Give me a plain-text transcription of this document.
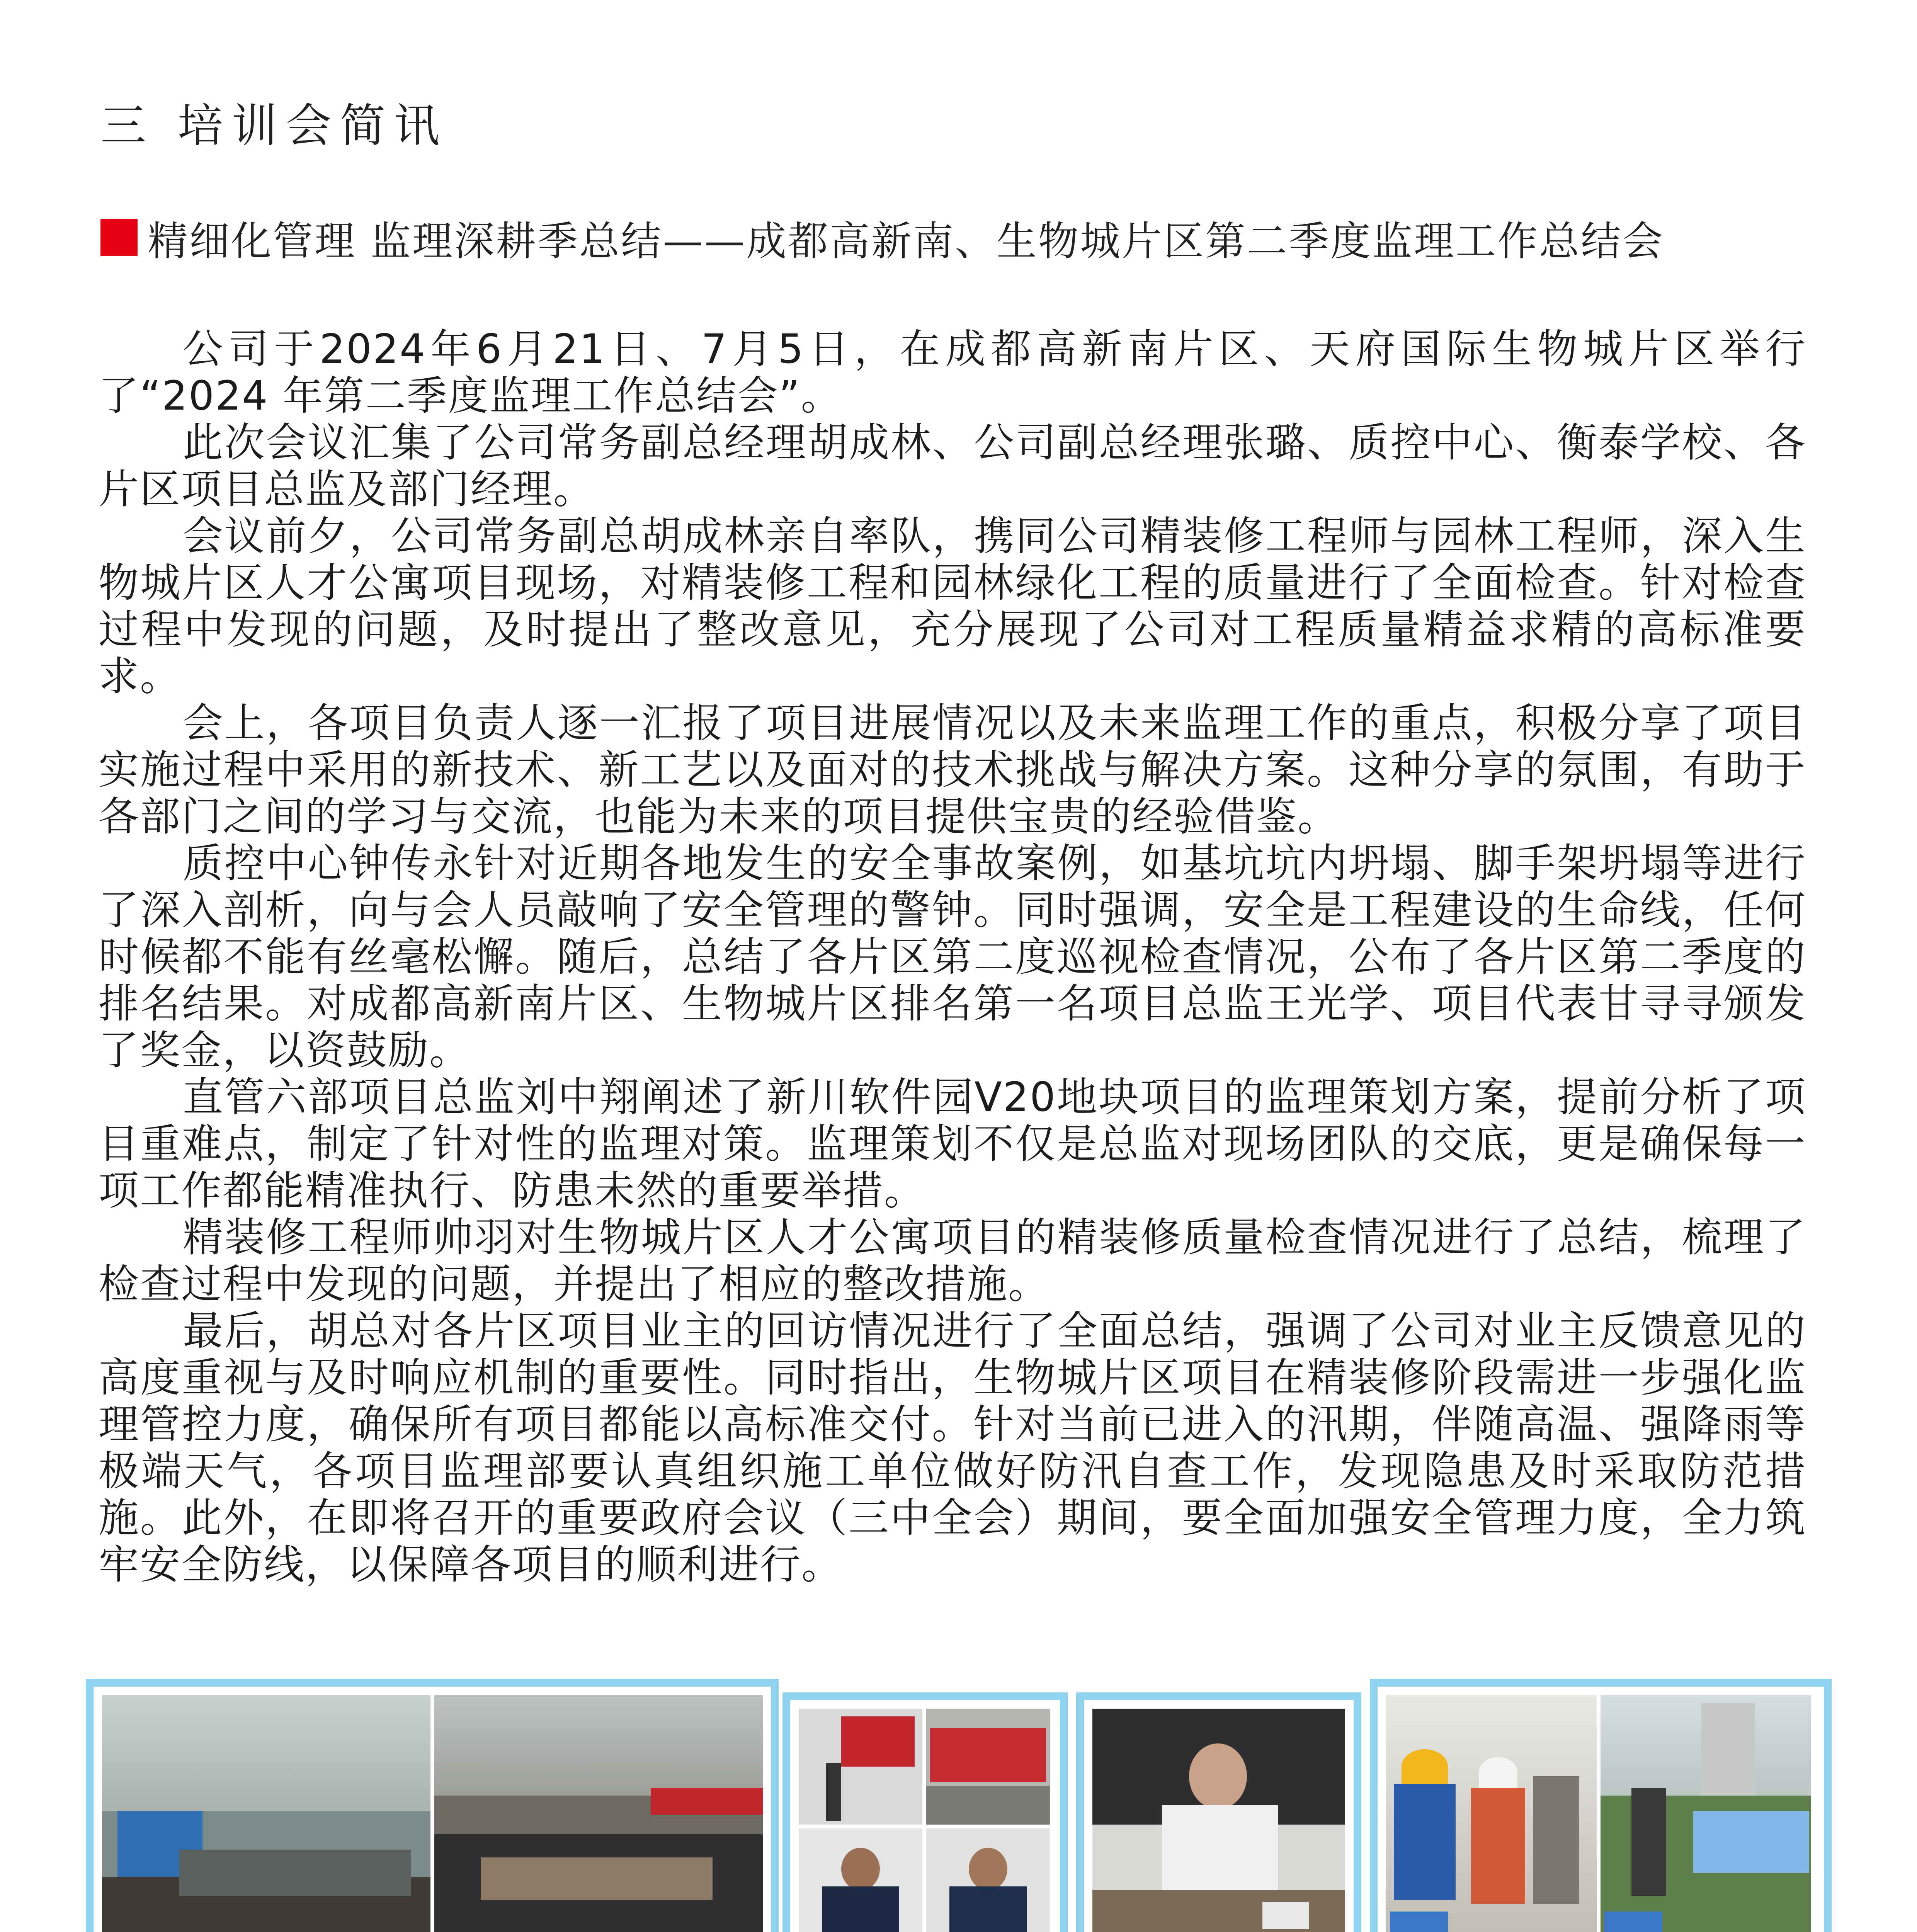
三 培训会简讯
精细化管理 监理深耕季总结——成都高新南、生物城片区第二季度监理工作总结会

公司于2024年6月21日、7月5日，在成都高新南片区、天府国际生物城片区举行了“2024 年第二季度监理工作总结会”。

此次会议汇集了公司常务副总经理胡成林、公司副总经理张璐、质控中心、衡泰学校、各片区项目总监及部门经理。

会议前夕，公司常务副总胡成林亲自率队，携同公司精装修工程师与园林工程师，深入生物城片区人才公寓项目现场，对精装修工程和园林绿化工程的质量进行了全面检查。针对检查过程中发现的问题，及时提出了整改意见，充分展现了公司对工程质量精益求精的高标准要求。

会上，各项目负责人逐一汇报了项目进展情况以及未来监理工作的重点，积极分享了项目实施过程中采用的新技术、新工艺以及面对的技术挑战与解决方案。这种分享的氛围，有助于各部门之间的学习与交流，也能为未来的项目提供宝贵的经验借鉴。

质控中心钟传永针对近期各地发生的安全事故案例，如基坑坑内坍塌、脚手架坍塌等进行了深入剖析，向与会人员敲响了安全管理的警钟。同时强调，安全是工程建设的生命线，任何时候都不能有丝毫松懈。随后，总结了各片区第二度巡视检查情况，公布了各片区第二季度的排名结果。对成都高新南片区、生物城片区排名第一名项目总监王光学、项目代表甘寻寻颁发了奖金，以资鼓励。

直管六部项目总监刘中翔阐述了新川软件园V20地块项目的监理策划方案，提前分析了项目重难点，制定了针对性的监理对策。监理策划不仅是总监对现场团队的交底，更是确保每一项工作都能精准执行、防患未然的重要举措。

精装修工程师帅羽对生物城片区人才公寓项目的精装修质量检查情况进行了总结，梳理了检查过程中发现的问题，并提出了相应的整改措施。

最后，胡总对各片区项目业主的回访情况进行了全面总结，强调了公司对业主反馈意见的高度重视与及时响应机制的重要性。同时指出，生物城片区项目在精装修阶段需进一步强化监理管控力度，确保所有项目都能以高标准交付。针对当前已进入的汛期，伴随高温、强降雨等极端天气，各项目监理部要认真组织施工单位做好防汛自查工作，发现隐患及时采取防范措施。此外，在即将召开的重要政府会议（三中全会）期间，要全面加强安全管理力度，全力筑牢安全防线，以保障各项目的顺利进行。
